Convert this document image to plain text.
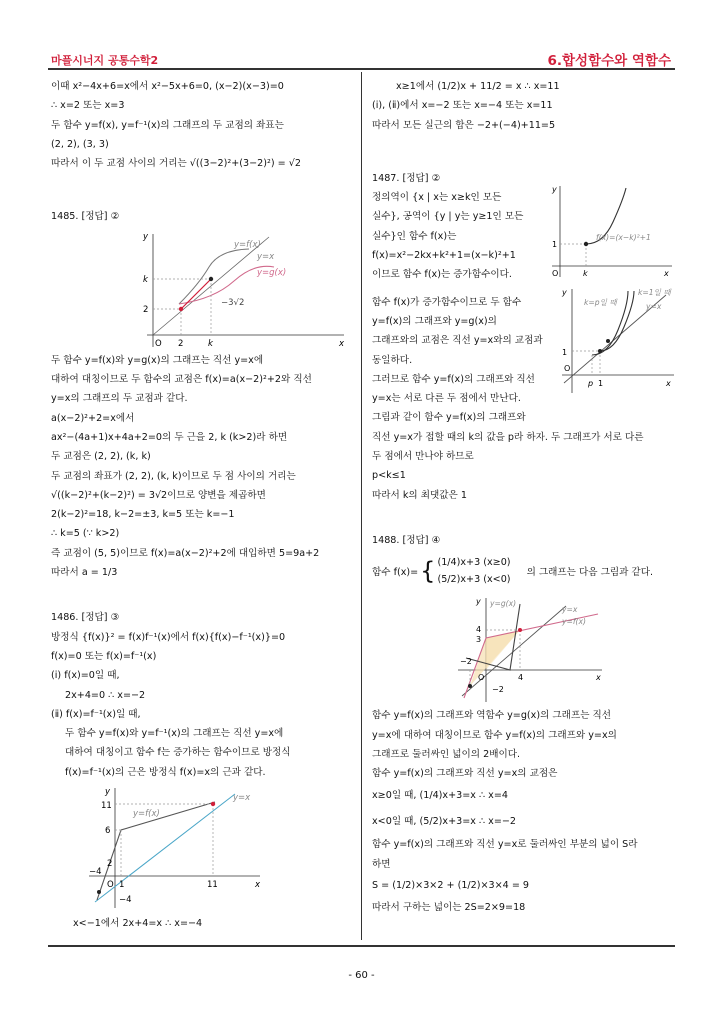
마플시너지 공통수학2	6.합성함수와 역함수

이때 x²−4x+6=x에서 x²−5x+6=0, (x−2)(x−3)=0

∴ x=2 또는 x=3

두 함수 y=f(x), y=f⁻¹(x)의 그래프의 두 교점의 좌표는

(2, 2), (3, 3)

따라서 이 두 교점 사이의 거리는 √((3−2)²+(3−2)²) = √2

1485. [정답] ②

y=f(x)
y=x
y=g(x)
−3√2
y
x
O 2	k
2
k

두 함수 y=f(x)와 y=g(x)의 그래프는 직선 y=x에

대하여 대칭이므로 두 함수의 교점은 f(x)=a(x−2)²+2와 직선

y=x의 그래프의 두 교점과 같다.

a(x−2)²+2=x에서

ax²−(4a+1)x+4a+2=0의 두 근을 2, k (k>2)라 하면

두 교점은 (2, 2), (k, k)

두 교점의 좌표가 (2, 2), (k, k)이므로 두 점 사이의 거리는

√((k−2)²+(k−2)²) = 3√2이므로 양변을 제곱하면

2(k−2)²=18, k−2=±3, k=5 또는 k=−1

∴ k=5 (∵ k>2)

즉 교점이 (5, 5)이므로 f(x)=a(x−2)²+2에 대입하면 5=9a+2

따라서 a = 1/3

1486. [정답] ③

방정식 {f(x)}² = f(x)f⁻¹(x)에서 f(x){f(x)−f⁻¹(x)}=0

f(x)=0 또는 f(x)=f⁻¹(x)

(ⅰ) f(x)=0일 때,

2x+4=0 ∴ x=−2

(ⅱ) f(x)=f⁻¹(x)일 때,

두 함수 y=f(x)와 y=f⁻¹(x)의 그래프는 직선 y=x에

대하여 대칭이고 함수 f는 증가하는 함수이므로 방정식

f(x)=f⁻¹(x)의 근은 방정식 f(x)=x의 근과 같다.

y
y=x
y=f(x)
11
6
2
−4
O 1	11
−4
x

x<−1에서 2x+4=x ∴ x=−4

x≥1에서 (1/2)x + 11/2 = x ∴ x=11

(ⅰ), (ⅱ)에서 x=−2 또는 x=−4 또는 x=11

따라서 모든 실근의 합은 −2+(−4)+11=5

1487. [정답] ②

정의역이 {x | x는 x≥k인 모든

실수}, 공역이 {y | y는 y≥1인 모든

실수}인 함수 f(x)는

f(x)=x²−2kx+k²+1=(x−k)²+1

이므로 함수 f(x)는 증가함수이다.

y
1
O	k	x
f(x)=(x−k)²+1

함수 f(x)가 증가함수이므로 두 함수

y=f(x)의 그래프와 y=g(x)의

그래프와의 교점은 직선 y=x와의 교점과

동일하다.

그러므로 함수 y=f(x)의 그래프와 직선

y=x는 서로 다른 두 점에서 만난다.

그림과 같이 함수 y=f(x)의 그래프와

y	k=1일 때
k=p일 때	y=x
1
O
p 1	x

직선 y=x가 접할 때의 k의 값을 p라 하자. 두 그래프가 서로 다른

두 점에서 만나야 하므로

p<k≤1

따라서 k의 최댓값은 1

1488. [정답] ④

함수 f(x)= { (1/4)x+3 (x≥0)
(5/2)x+3 (x<0)
의 그래프는 다음 그림과 같다.
y y=g(x)
y=x
y=f(x)
4
3
−2
O	4
−2
x

함수 y=f(x)의 그래프와 역함수 y=g(x)의 그래프는 직선

y=x에 대하여 대칭이므로 함수 y=f(x)의 그래프와 y=x의

그래프로 둘러싸인 넓이의 2배이다.

함수 y=f(x)의 그래프와 직선 y=x의 교점은

x≥0일 때, (1/4)x+3=x ∴ x=4

x<0일 때, (5/2)x+3=x ∴ x=−2

함수 y=f(x)의 그래프와 직선 y=x로 둘러싸인 부분의 넓이 S라

하면

S = (1/2)×3×2 + (1/2)×3×4 = 9

따라서 구하는 넓이는 2S=2×9=18

- 60 -
